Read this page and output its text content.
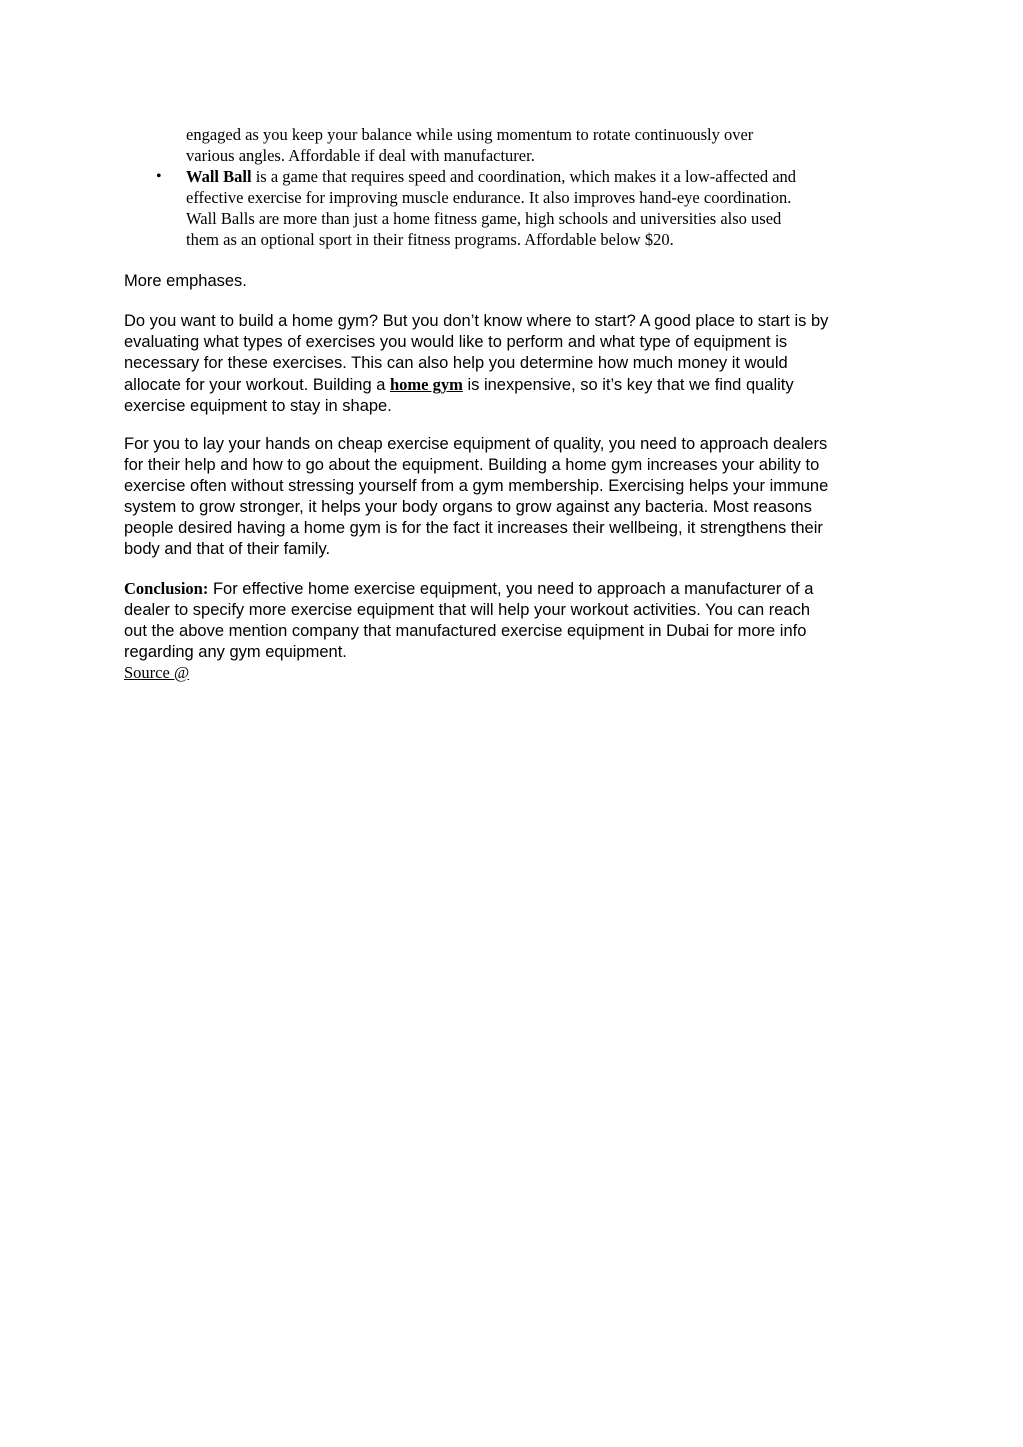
engaged as you keep your balance while using momentum to rotate continuously over
various angles. Affordable if deal with manufacturer.
• Wall Ball is a game that requires speed and coordination, which makes it a low-affected and
effective exercise for improving muscle endurance. It also improves hand-eye coordination.
Wall Balls are more than just a home fitness game, high schools and universities also used
them as an optional sport in their fitness programs. Affordable below $20.

More emphases.

Do you want to build a home gym? But you don’t know where to start? A good place to start is by
evaluating what types of exercises you would like to perform and what type of equipment is
necessary for these exercises. This can also help you determine how much money it would
allocate for your workout. Building a home gym is inexpensive, so it’s key that we find quality
exercise equipment to stay in shape.
For you to lay your hands on cheap exercise equipment of quality, you need to approach dealers
for their help and how to go about the equipment. Building a home gym increases your ability to
exercise often without stressing yourself from a gym membership. Exercising helps your immune
system to grow stronger, it helps your body organs to grow against any bacteria. Most reasons
people desired having a home gym is for the fact it increases their wellbeing, it strengthens their
body and that of their family.
Conclusion: For effective home exercise equipment, you need to approach a manufacturer of a
dealer to specify more exercise equipment that will help your workout activities. You can reach
out the above mention company that manufactured exercise equipment in Dubai for more info
regarding any gym equipment.
Source @
